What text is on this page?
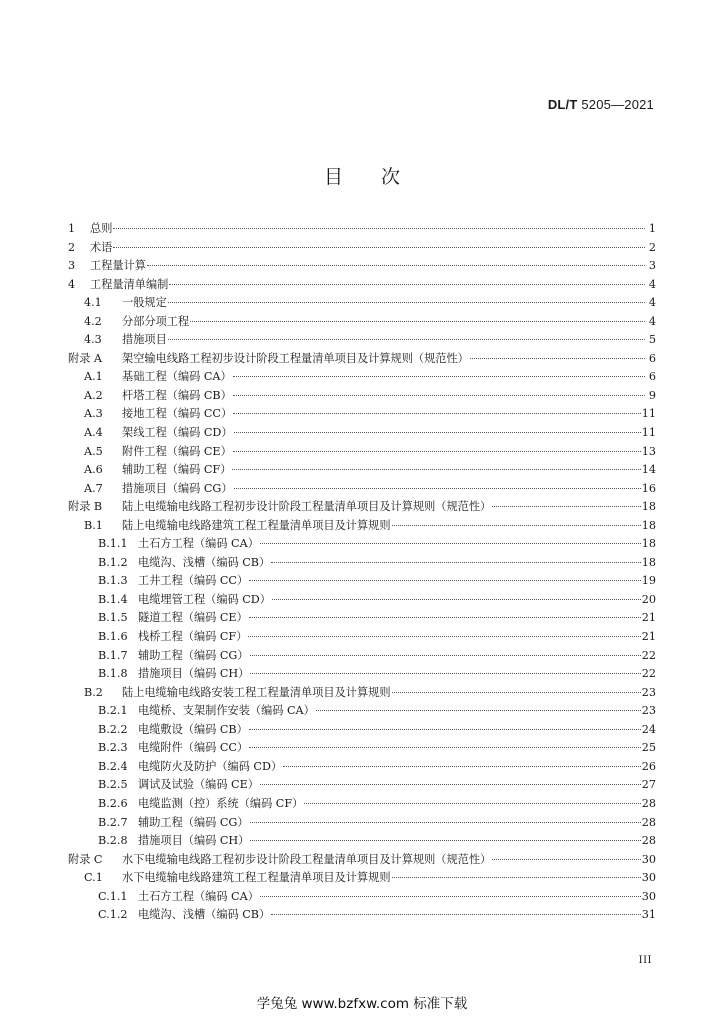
DL/T 5205—2021
目次
1	总则	1
2	术语	2
3	工程量计算	3
4	工程量清单编制	4
4.1	一般规定	4
4.2	分部分项工程	4
4.3	措施项目	5
附录 A	架空输电线路工程初步设计阶段工程量清单项目及计算规则（规范性）	6
A.1	基础工程（编码 CA）	6
A.2	杆塔工程（编码 CB）	9
A.3	接地工程（编码 CC）	11
A.4	架线工程（编码 CD）	11
A.5	附件工程（编码 CE）	13
A.6	辅助工程（编码 CF）	14
A.7	措施项目（编码 CG）	16
附录 B	陆上电缆输电线路工程初步设计阶段工程量清单项目及计算规则（规范性）	18
B.1	陆上电缆输电线路建筑工程工程量清单项目及计算规则	18
B.1.1 土石方工程（编码 CA）	18
B.1.2 电缆沟、浅槽（编码 CB）	18
B.1.3 工井工程（编码 CC）	19
B.1.4 电缆埋管工程（编码 CD）	20
B.1.5 隧道工程（编码 CE）	21
B.1.6 栈桥工程（编码 CF）	21
B.1.7 辅助工程（编码 CG）	22
B.1.8 措施项目（编码 CH）	22
B.2	陆上电缆输电线路安装工程工程量清单项目及计算规则	23
B.2.1 电缆桥、支架制作安装（编码 CA）	23
B.2.2 电缆敷设（编码 CB）	24
B.2.3 电缆附件（编码 CC）	25
B.2.4 电缆防火及防护（编码 CD）	26
B.2.5 调试及试验（编码 CE）	27
B.2.6 电缆监测（控）系统（编码 CF）	28
B.2.7 辅助工程（编码 CG）	28
B.2.8 措施项目（编码 CH）	28
附录 C	水下电缆输电线路工程初步设计阶段工程量清单项目及计算规则（规范性）	30
C.1	水下电缆输电线路建筑工程工程量清单项目及计算规则	30
C.1.1 土石方工程（编码 CA）	30
C.1.2 电缆沟、浅槽（编码 CB）	31
III
学兔兔 www.bzfxw.com 标准下载
